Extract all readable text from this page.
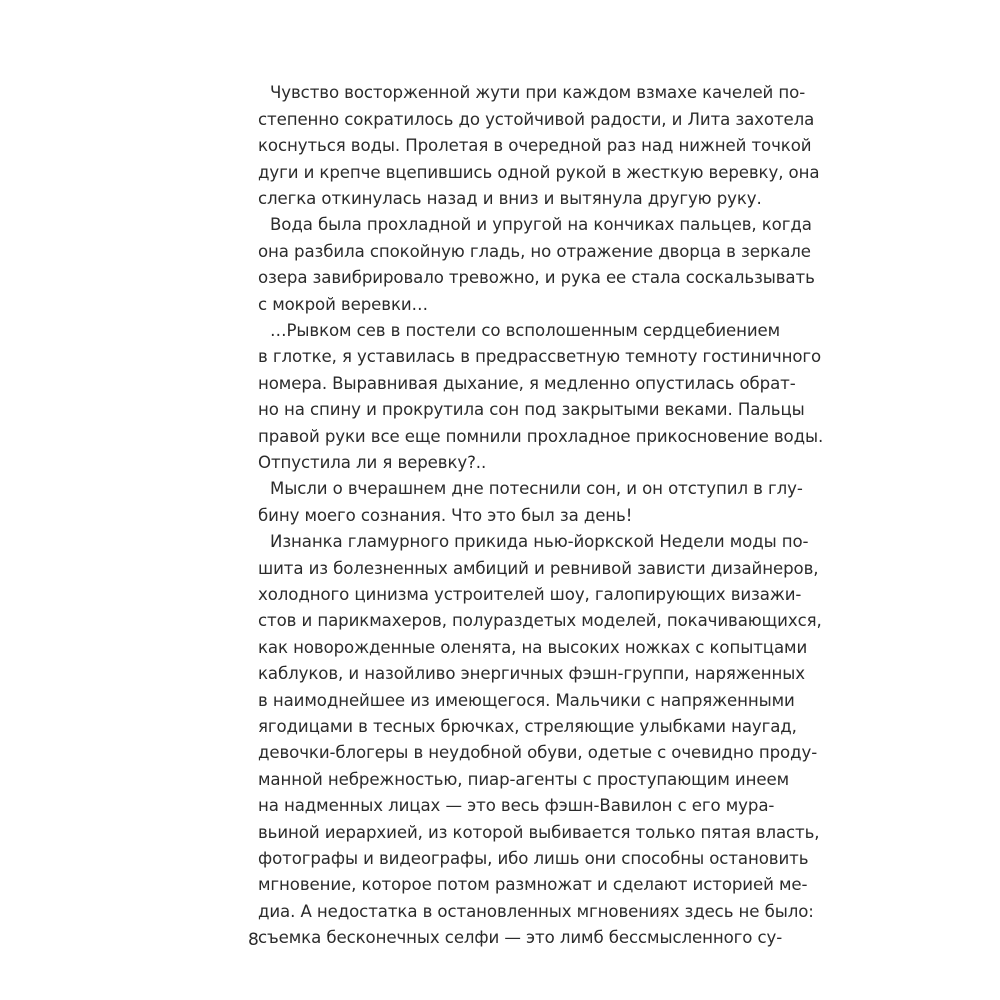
Чувство восторженной жути при каждом взмахе качелей по-
степенно сократилось до устойчивой радости, и Лита захотела
коснуться воды. Пролетая в очередной раз над нижней точкой
дуги и крепче вцепившись одной рукой в жесткую веревку, она
слегка откинулась назад и вниз и вытянула другую руку.
Вода была прохладной и упругой на кончиках пальцев, когда
она разбила спокойную гладь, но отражение дворца в зеркале
озера завибрировало тревожно, и рука ее стала соскальзывать
с мокрой веревки…
…Рывком сев в постели со всполошенным сердцебиением
в глотке, я уставилась в предрассветную темноту гостиничного
номера. Выравнивая дыхание, я медленно опустилась обрат-
но на спину и прокрутила сон под закрытыми веками. Пальцы
правой руки все еще помнили прохладное прикосновение воды.
Отпустила ли я веревку?..
Мысли о вчерашнем дне потеснили сон, и он отступил в глу-
бину моего сознания. Что это был за день!
Изнанка гламурного прикида нью-йоркской Недели моды по-
шита из болезненных амбиций и ревнивой зависти дизайнеров,
холодного цинизма устроителей шоу, галопирующих визажи-
стов и парикмахеров, полураздетых моделей, покачивающихся,
как новорожденные оленята, на высоких ножках с копытцами
каблуков, и назойливо энергичных фэшн-группи, наряженных
в наимоднейшее из имеющегося. Мальчики с напряженными
ягодицами в тесных брючках, стреляющие улыбками наугад,
девочки-блогеры в неудобной обуви, одетые с очевидно проду-
манной небрежностью, пиар-агенты с проступающим инеем
на надменных лицах — это весь фэшн-Вавилон с его мура-
вьиной иерархией, из которой выбивается только пятая власть,
фотографы и видеографы, ибо лишь они способны остановить
мгновение, которое потом размножат и сделают историей ме-
диа. А недостатка в остановленных мгновениях здесь не было:
съемка бесконечных селфи — это лимб бессмысленного су-
8
